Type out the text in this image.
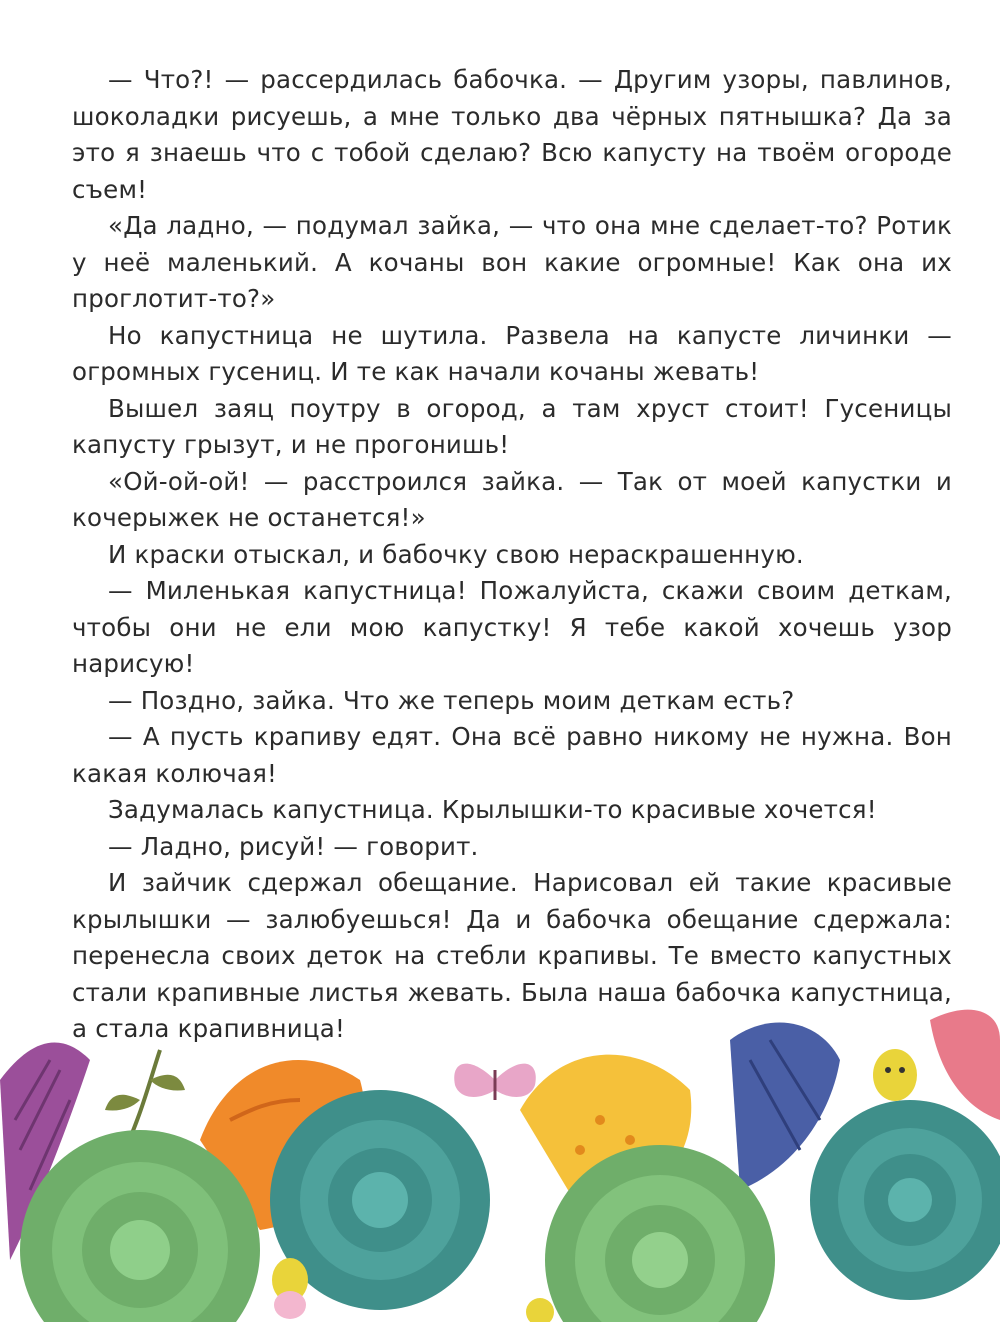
— Что?! — рассердилась бабочка. — Другим узоры, павлинов, шоколадки рисуешь, а мне только два чёрных пятнышка? Да за это я знаешь что с тобой сделаю? Всю капусту на твоём огороде съем!

«Да ладно, — подумал зайка, — что она мне сделает-то? Ротик у неё маленький. А кочаны вон какие огромные! Как она их проглотит-то?»

Но капустница не шутила. Развела на капусте личинки — огромных гусениц. И те как начали кочаны жевать!

Вышел заяц поутру в огород, а там хруст стоит! Гусеницы капусту грызут, и не прогонишь!

«Ой-ой-ой! — расстроился зайка. — Так от моей капустки и кочерыжек не останется!»

И краски отыскал, и бабочку свою нераскрашенную.

— Миленькая капустница! Пожалуйста, скажи своим деткам, чтобы они не ели мою капустку! Я тебе какой хочешь узор нарисую!

— Поздно, зайка. Что же теперь моим деткам есть?

— А пусть крапиву едят. Она всё равно никому не нужна. Вон какая колючая!

Задумалась капустница. Крылышки-то красивые хочется!

— Ладно, рисуй! — говорит.

И зайчик сдержал обещание. Нарисовал ей такие красивые крылышки — залюбуешься! Да и бабочка обещание сдержала: перенесла своих деток на стебли крапивы. Те вместо капустных стали крапивные листья жевать. Была наша бабочка капустница, а стала крапивница!
